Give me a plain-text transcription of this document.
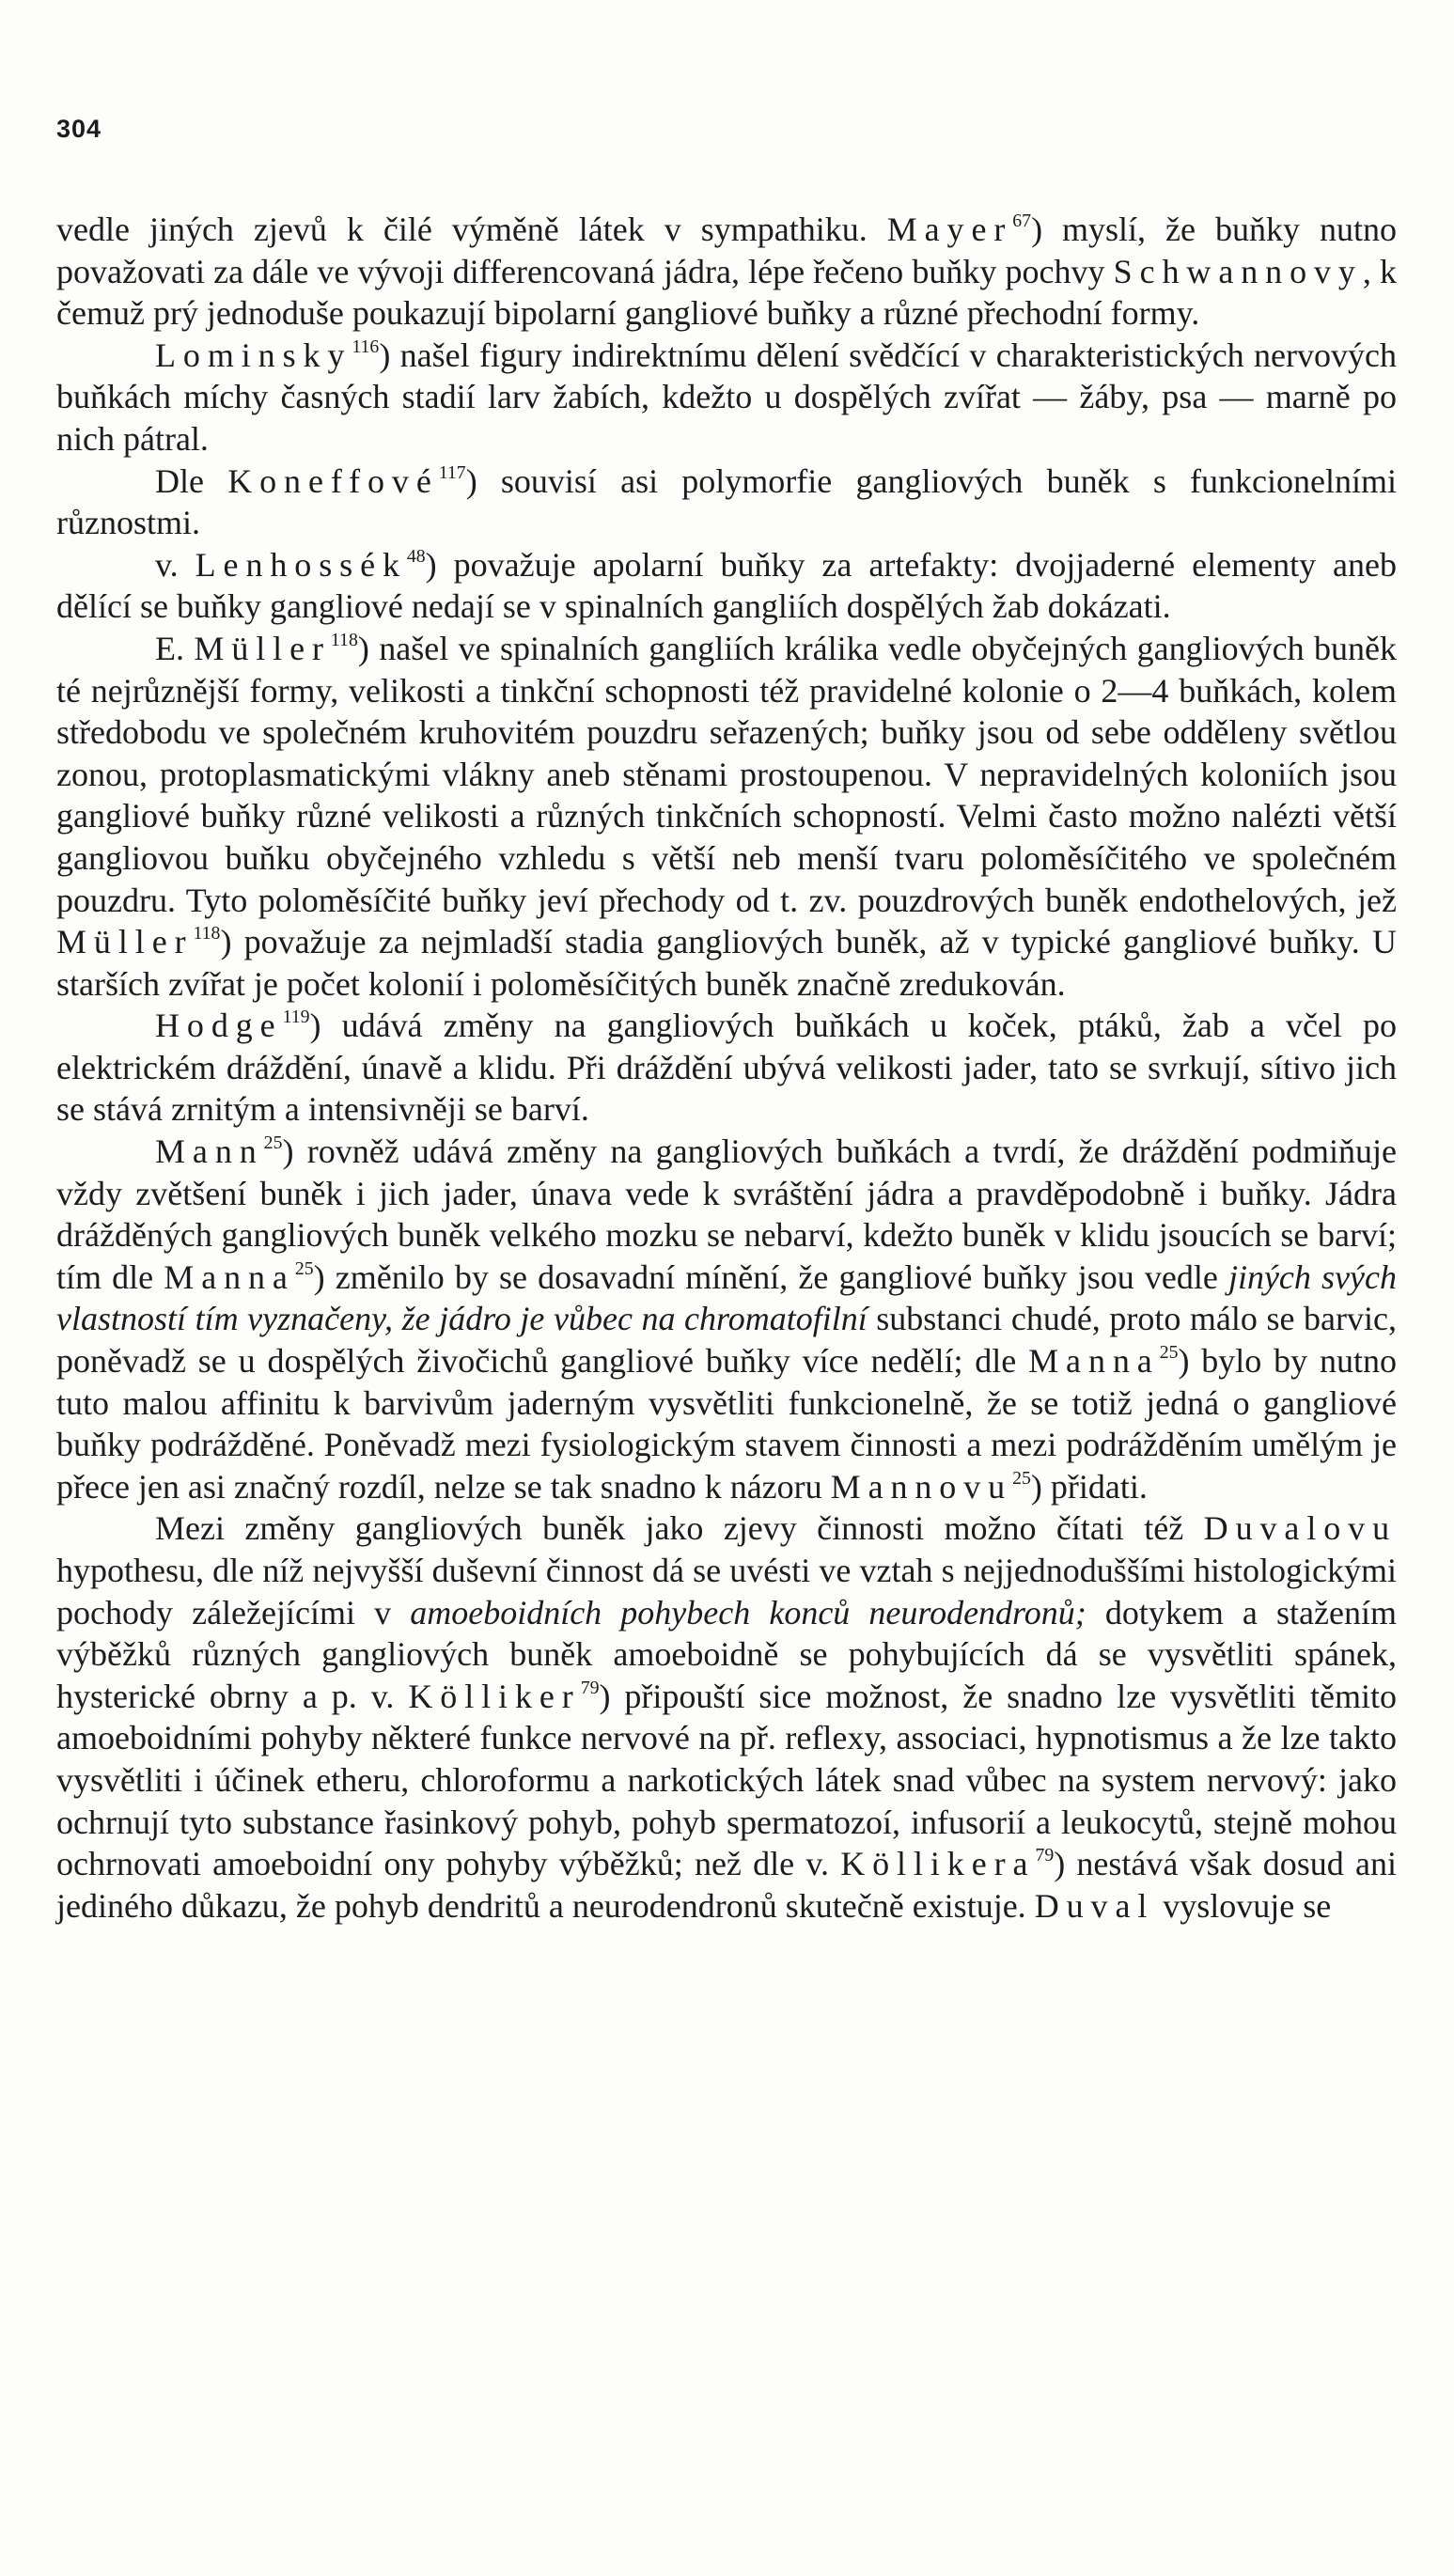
304

vedle jiných zjevů k čilé výměně látek v sympathiku. Mayer$^{67}$) myslí, že buňky nutno považovati za dále ve vývoji differencovaná jádra, lépe řečeno buňky pochvy Schwannovy, k čemuž prý jednoduše poukazují bipolarní gangliové buňky a různé přechodní formy.

Lominsky$^{116}$) našel figury indirektnímu dělení svědčící v charakteristických nervových buňkách míchy časných stadií larv žabích, kdežto u dospělých zvířat — žáby, psa — marně po nich pátral.

Dle Koneffové$^{117}$) souvisí asi polymorfie gangliových buněk s funkcionelními různostmi.

v. Lenhossék$^{48}$) považuje apolarní buňky za artefakty: dvojjaderné elementy aneb dělící se buňky gangliové nedají se v spinalních gangliích dospělých žab dokázati.

E. Müller$^{118}$) našel ve spinalních gangliích králika vedle obyčejných gangliových buněk té nejrůznější formy, velikosti a tinkční schopnosti též pravidelné kolonie o 2—4 buňkách, kolem středobodu ve společném kruhovitém pouzdru seřazených; buňky jsou od sebe odděleny světlou zonou, protoplasmatickými vlákny aneb stěnami prostoupenou. V nepravidelných koloniích jsou gangliové buňky různé velikosti a různých tinkčních schopností. Velmi často možno nalézti větší gangliovou buňku obyčejného vzhledu s větší neb menší tvaru poloměsíčitého ve společném pouzdru. Tyto poloměsíčité buňky jeví přechody od t. zv. pouzdrových buněk endothelových, jež Müller$^{118}$) považuje za nejmladší stadia gangliových buněk, až v typické gangliové buňky. U starších zvířat je počet kolonií i poloměsíčitých buněk značně zredukován.

Hodge$^{119}$) udává změny na gangliových buňkách u koček, ptáků, žab a včel po elektrickém dráždění, únavě a klidu. Při dráždění ubývá velikosti jader, tato se svrkují, sítivo jich se stává zrnitým a intensivněji se barví.

Mann$^{25}$) rovněž udává změny na gangliových buňkách a tvrdí, že dráždění podmiňuje vždy zvětšení buněk i jich jader, únava vede k svráštění jádra a pravděpodobně i buňky. Jádra drážděných gangliových buněk velkého mozku se nebarví, kdežto buněk v klidu jsoucích se barví; tím dle Manna$^{25}$) změnilo by se dosavadní mínění, že gangliové buňky jsou vedle jiných svých vlastností tím vyznačeny, že jádro je vůbec na chromatofilní substanci chudé, proto málo se barvic, poněvadž se u dospělých živočichů gangliové buňky více nedělí; dle Manna$^{25}$) bylo by nutno tuto malou affinitu k barvivům jaderným vysvětliti funkcionelně, že se totiž jedná o gangliové buňky podrážděné. Poněvadž mezi fysiologickým stavem činnosti a mezi podrážděním umělým je přece jen asi značný rozdíl, nelze se tak snadno k názoru Mannovu$^{25}$) přidati.

Mezi změny gangliových buněk jako zjevy činnosti možno čítati též Duvalovu hypothesu, dle níž nejvyšší duševní činnost dá se uvésti ve vztah s nejjednoduššími histologickými pochody záležejícími v amoeboidních pohybech konců neurodendronů; dotykem a stažením výběžků různých gangliových buněk amoeboidně se pohybujících dá se vysvětliti spánek, hysterické obrny a p. v. Kölliker$^{79}$) připouští sice možnost, že snadno lze vysvětliti těmito amoeboidními pohyby některé funkce nervové na př. reflexy, associaci, hypnotismus a že lze takto vysvětliti i účinek etheru, chloroformu a narkotických látek snad vůbec na system nervový: jako ochrnují tyto substance řasinkový pohyb, pohyb spermatozoí, infusorií a leukocytů, stejně mohou ochrnovati amoeboidní ony pohyby výběžků; než dle v. Köllikera$^{79}$) nestává však dosud ani jediného důkazu, že pohyb dendritů a neurodendronů skutečně existuje. Duval vyslovuje se
